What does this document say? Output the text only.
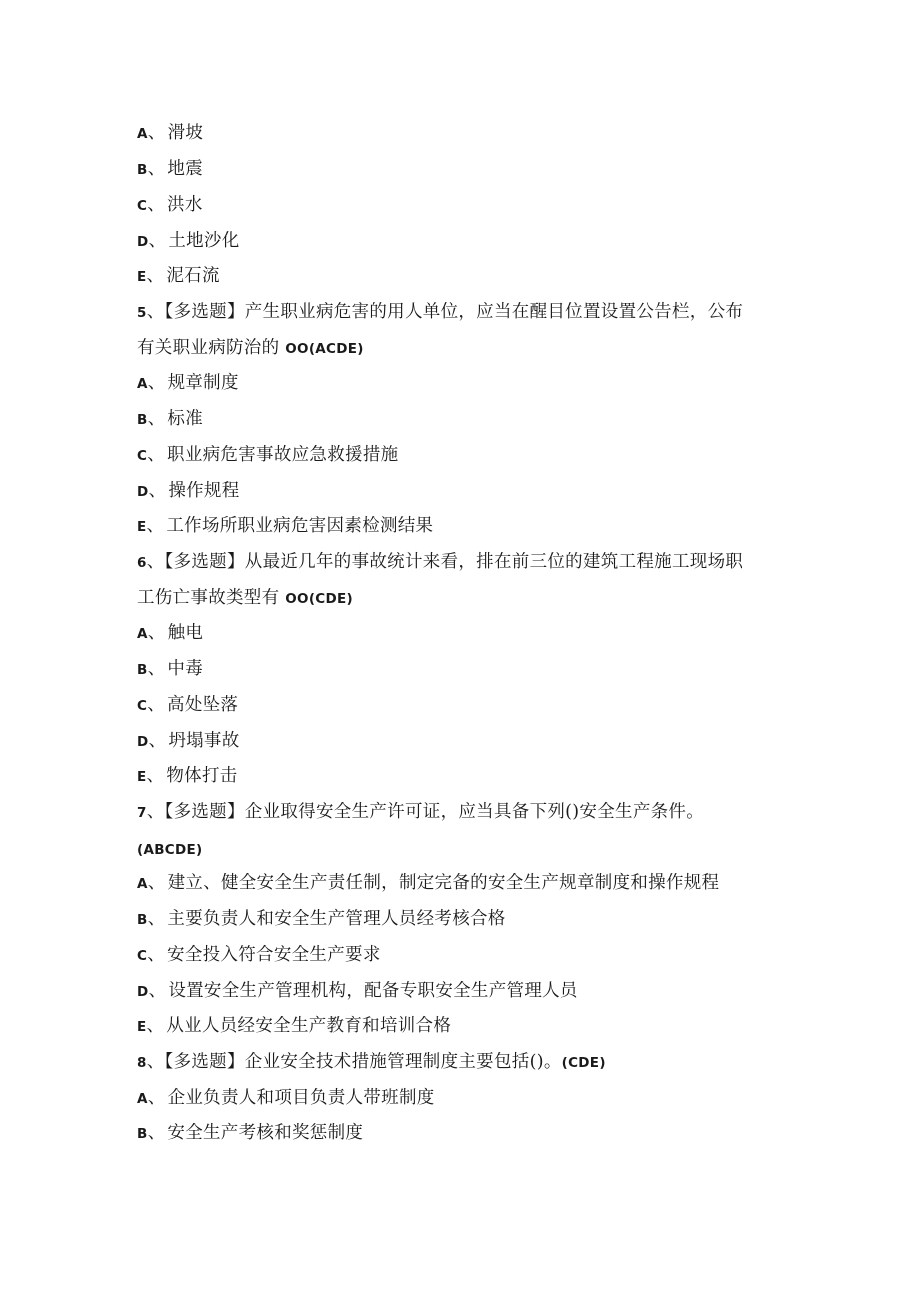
A、 滑坡
B、 地震
C、 洪水
D、 土地沙化
E、 泥石流
5、【多选题】产生职业病危害的用人单位，应当在醒目位置设置公告栏，公布
有关职业病防治的 OO(ACDE)
A、 规章制度
B、 标准
C、 职业病危害事故应急救援措施
D、 操作规程
E、 工作场所职业病危害因素检测结果
6、【多选题】从最近几年的事故统计来看，排在前三位的建筑工程施工现场职
工伤亡事故类型有 OO(CDE)
A、 触电
B、 中毒
C、 高处坠落
D、 坍塌事故
E、 物体打击
7、【多选题】企业取得安全生产许可证，应当具备下列()安全生产条件。
(ABCDE)
A、 建立、健全安全生产责任制，制定完备的安全生产规章制度和操作规程
B、 主要负责人和安全生产管理人员经考核合格
C、 安全投入符合安全生产要求
D、 设置安全生产管理机构，配备专职安全生产管理人员
E、 从业人员经安全生产教育和培训合格
8、【多选题】企业安全技术措施管理制度主要包括()。(CDE)
A、 企业负责人和项目负责人带班制度
B、 安全生产考核和奖惩制度
